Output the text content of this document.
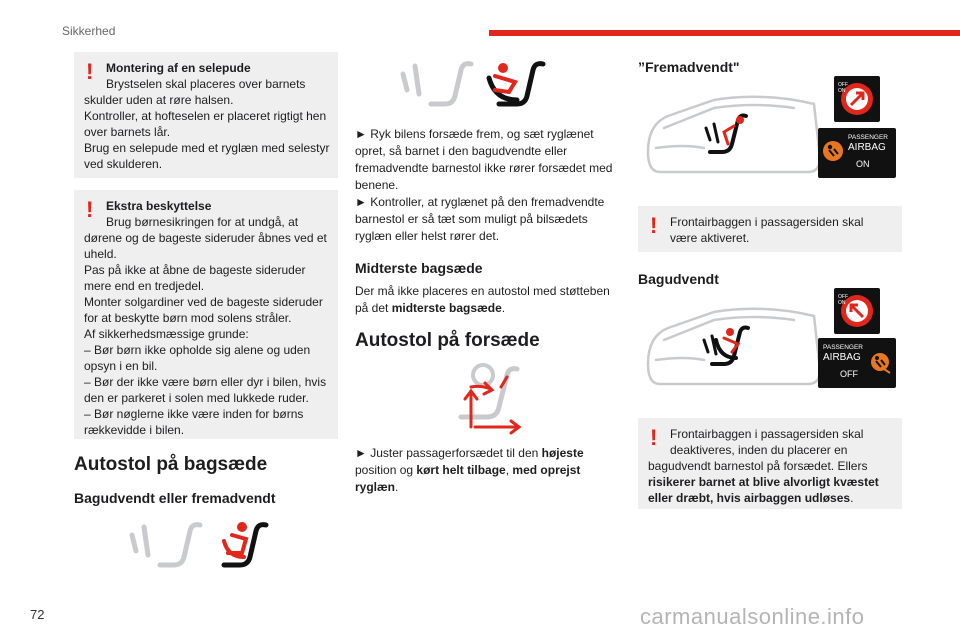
Sikkerhed
!	Montering af en selepude
Brystselen skal placeres over barnets
skulder uden at røre halsen.
Kontroller, at hofteselen er placeret rigtigt hen over barnets lår.
Brug en selepude med et ryglæn med selestyr ved skulderen.
!	Ekstra beskyttelse
Brug børnesikringen for at undgå, at
dørene og de bageste sideruder åbnes ved et uheld.
Pas på ikke at åbne de bageste sideruder mere end en tredjedel.
Monter solgardiner ved de bageste sideruder for at beskytte børn mod solens stråler.
Af sikkerhedsmæssige grunde:
– Bør børn ikke opholde sig alene og uden opsyn i en bil.
– Bør der ikke være børn eller dyr i bilen, hvis den er parkeret i solen med lukkede ruder.
– Bør nøglerne ikke være inden for børns rækkevidde i bilen.
Autostol på bagsæde
Bagudvendt eller fremadvendt
► Ryk bilens forsæde frem, og sæt ryglænet opret, så barnet i den bagudvendte eller fremadvendte barnestol ikke rører forsædet med benene.
► Kontroller, at ryglænet på den fremadvendte barnestol er så tæt som muligt på bilsædets ryglæn eller helst rører det.
Midterste bagsæde
Der må ikke placeres en autostol med støtteben på det midterste bagsæde.
Autostol på forsæde
► Juster passagerforsædet til den højeste position og kørt helt tilbage, med oprejst ryglæn.
”Fremadvendt"
OFF
ON
PASSENGER
AIRBAG
ON
!	Frontairbaggen i passagersiden skal
være aktiveret.
Bagudvendt
OFF
ON
PASSENGER
AIRBAG
OFF
!	Frontairbaggen i passagersiden skal
deaktiveres, inden du placerer en
bagudvendt barnestol på forsædet. Ellers risikerer barnet at blive alvorligt kvæstet eller dræbt, hvis airbaggen udløses.
72	carmanualsonline.info
